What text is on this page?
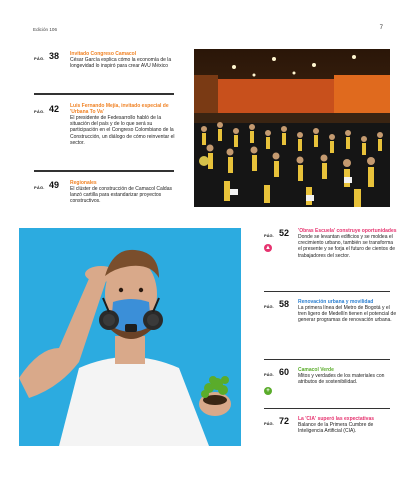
Edición 106	7
PÁG. 38 Invitado Congreso Camacol
César García explica cómo la economía de la longevidad lo inspiró para crear AVU México
PÁG. 42 Luis Fernando Mejía, invitado especial de 'Urbana To Va'
El presidente de Fedesarrollo habló de la situación del país y de lo que será su participación en el Congreso Colombiano de la Construcción, un diálogo de cómo reinventar el sector.
PÁG. 49 Regionales
El clúster de construcción de Camacol Caldas lanzó cartilla para estandarizar proyectos constructivos.
PÁG. 52
▲
'Obras Escuela' construye oportunidades
Donde se levantan edificios y se moldea el crecimiento urbano, también se transforma el presente y se forja el futuro de cientos de trabajadores del sector.
PÁG. 58 Renovación urbana y movilidad
La primera línea del Metro de Bogotá y el tren ligero de Medellín tienen el potencial de generar programas de renovación urbana.
PÁG. 60
+
Camacol Verde
Mitos y verdades de los materiales con atributos de sostenibilidad.
PÁG. 72 La 'CIA' superó las expectativas
Balance de la Primera Cumbre de Inteligencia Artificial (CIA).
